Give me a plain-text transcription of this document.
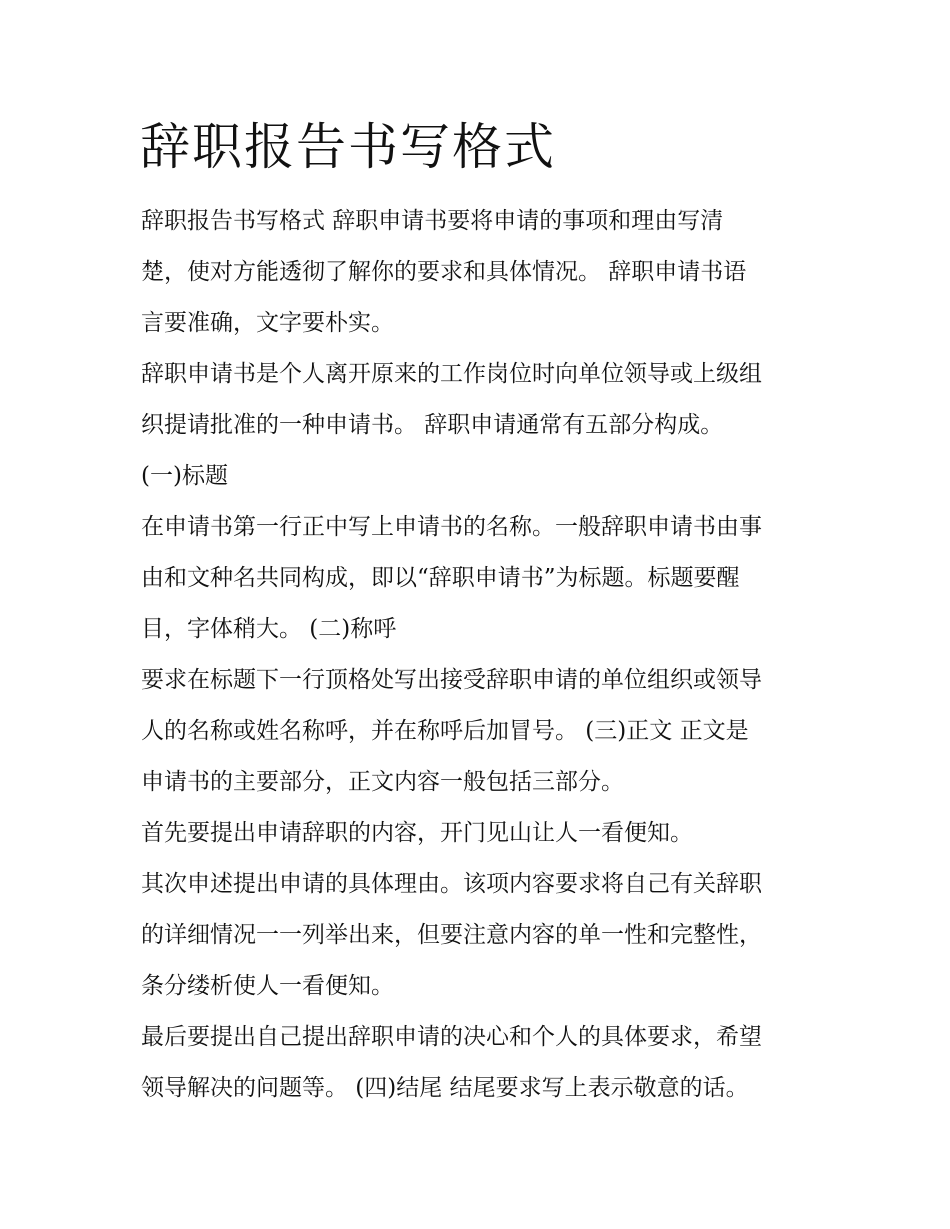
辞职报告书写格式

辞职报告书写格式 辞职申请书要将申请的事项和理由写清

楚，使对方能透彻了解你的要求和具体情况。 辞职申请书语

言要准确，文字要朴实。

辞职申请书是个人离开原来的工作岗位时向单位领导或上级组

织提请批准的一种申请书。 辞职申请通常有五部分构成。

(一)标题

在申请书第一行正中写上申请书的名称。一般辞职申请书由事

由和文种名共同构成，即以“辞职申请书”为标题。标题要醒

目，字体稍大。 (二)称呼

要求在标题下一行顶格处写出接受辞职申请的单位组织或领导

人的名称或姓名称呼，并在称呼后加冒号。 (三)正文 正文是

申请书的主要部分，正文内容一般包括三部分。

首先要提出申请辞职的内容，开门见山让人一看便知。

其次申述提出申请的具体理由。该项内容要求将自己有关辞职

的详细情况一一列举出来，但要注意内容的单一性和完整性，

条分缕析使人一看便知。

最后要提出自己提出辞职申请的决心和个人的具体要求，希望

领导解决的问题等。 (四)结尾 结尾要求写上表示敬意的话。
